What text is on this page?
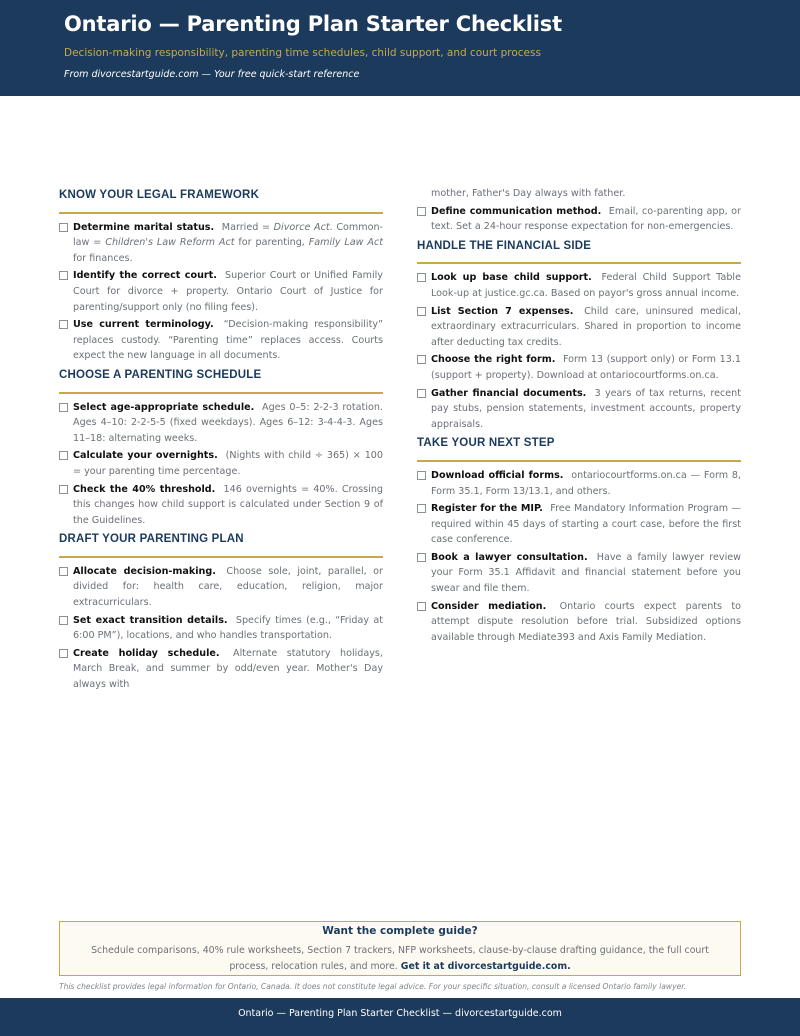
Ontario — Parenting Plan Starter Checklist
Decision-making responsibility, parenting time schedules, child support, and court process
From divorcestartguide.com — Your free quick-start reference
KNOW YOUR LEGAL FRAMEWORK
Determine marital status. Married = Divorce Act. Common-law = Children's Law Reform Act for parenting, Family Law Act for finances.
Identify the correct court. Superior Court or Unified Family Court for divorce + property. Ontario Court of Justice for parenting/support only (no filing fees).
Use current terminology. “Decision-making responsibility” replaces custody. “Parenting time” replaces access. Courts expect the new language in all documents.
CHOOSE A PARENTING SCHEDULE
Select age-appropriate schedule. Ages 0–5: 2-2-3 rotation. Ages 4–10: 2-2-5-5 (fixed weekdays). Ages 6–12: 3-4-4-3. Ages 11–18: alternating weeks.
Calculate your overnights. (Nights with child ÷ 365) × 100 = your parenting time percentage.
Check the 40% threshold. 146 overnights = 40%. Crossing this changes how child support is calculated under Section 9 of the Guidelines.
DRAFT YOUR PARENTING PLAN
Allocate decision-making. Choose sole, joint, parallel, or divided for: health care, education, religion, major extracurriculars.
Set exact transition details. Specify times (e.g., “Friday at 6:00 PM”), locations, and who handles transportation.
Create holiday schedule. Alternate statutory holidays, March Break, and summer by odd/even year. Mother's Day always with
mother, Father's Day always with father.
Define communication method. Email, co-parenting app, or text. Set a 24-hour response expectation for non-emergencies.
HANDLE THE FINANCIAL SIDE
Look up base child support. Federal Child Support Table Look-up at justice.gc.ca. Based on payor's gross annual income.
List Section 7 expenses. Child care, uninsured medical, extraordinary extracurriculars. Shared in proportion to income after deducting tax credits.
Choose the right form. Form 13 (support only) or Form 13.1 (support + property). Download at ontariocourtforms.on.ca.
Gather financial documents. 3 years of tax returns, recent pay stubs, pension statements, investment accounts, property appraisals.
TAKE YOUR NEXT STEP
Download official forms. ontariocourtforms.on.ca — Form 8, Form 35.1, Form 13/13.1, and others.
Register for the MIP. Free Mandatory Information Program — required within 45 days of starting a court case, before the first case conference.
Book a lawyer consultation. Have a family lawyer review your Form 35.1 Affidavit and financial statement before you swear and file them.
Consider mediation. Ontario courts expect parents to attempt dispute resolution before trial. Subsidized options available through Mediate393 and Axis Family Mediation.
Want the complete guide?
Schedule comparisons, 40% rule worksheets, Section 7 trackers, NFP worksheets, clause-by-clause drafting guidance, the full court process, relocation rules, and more. Get it at divorcestartguide.com.
This checklist provides legal information for Ontario, Canada. It does not constitute legal advice. For your specific situation, consult a licensed Ontario family lawyer.
Ontario — Parenting Plan Starter Checklist — divorcestartguide.com
